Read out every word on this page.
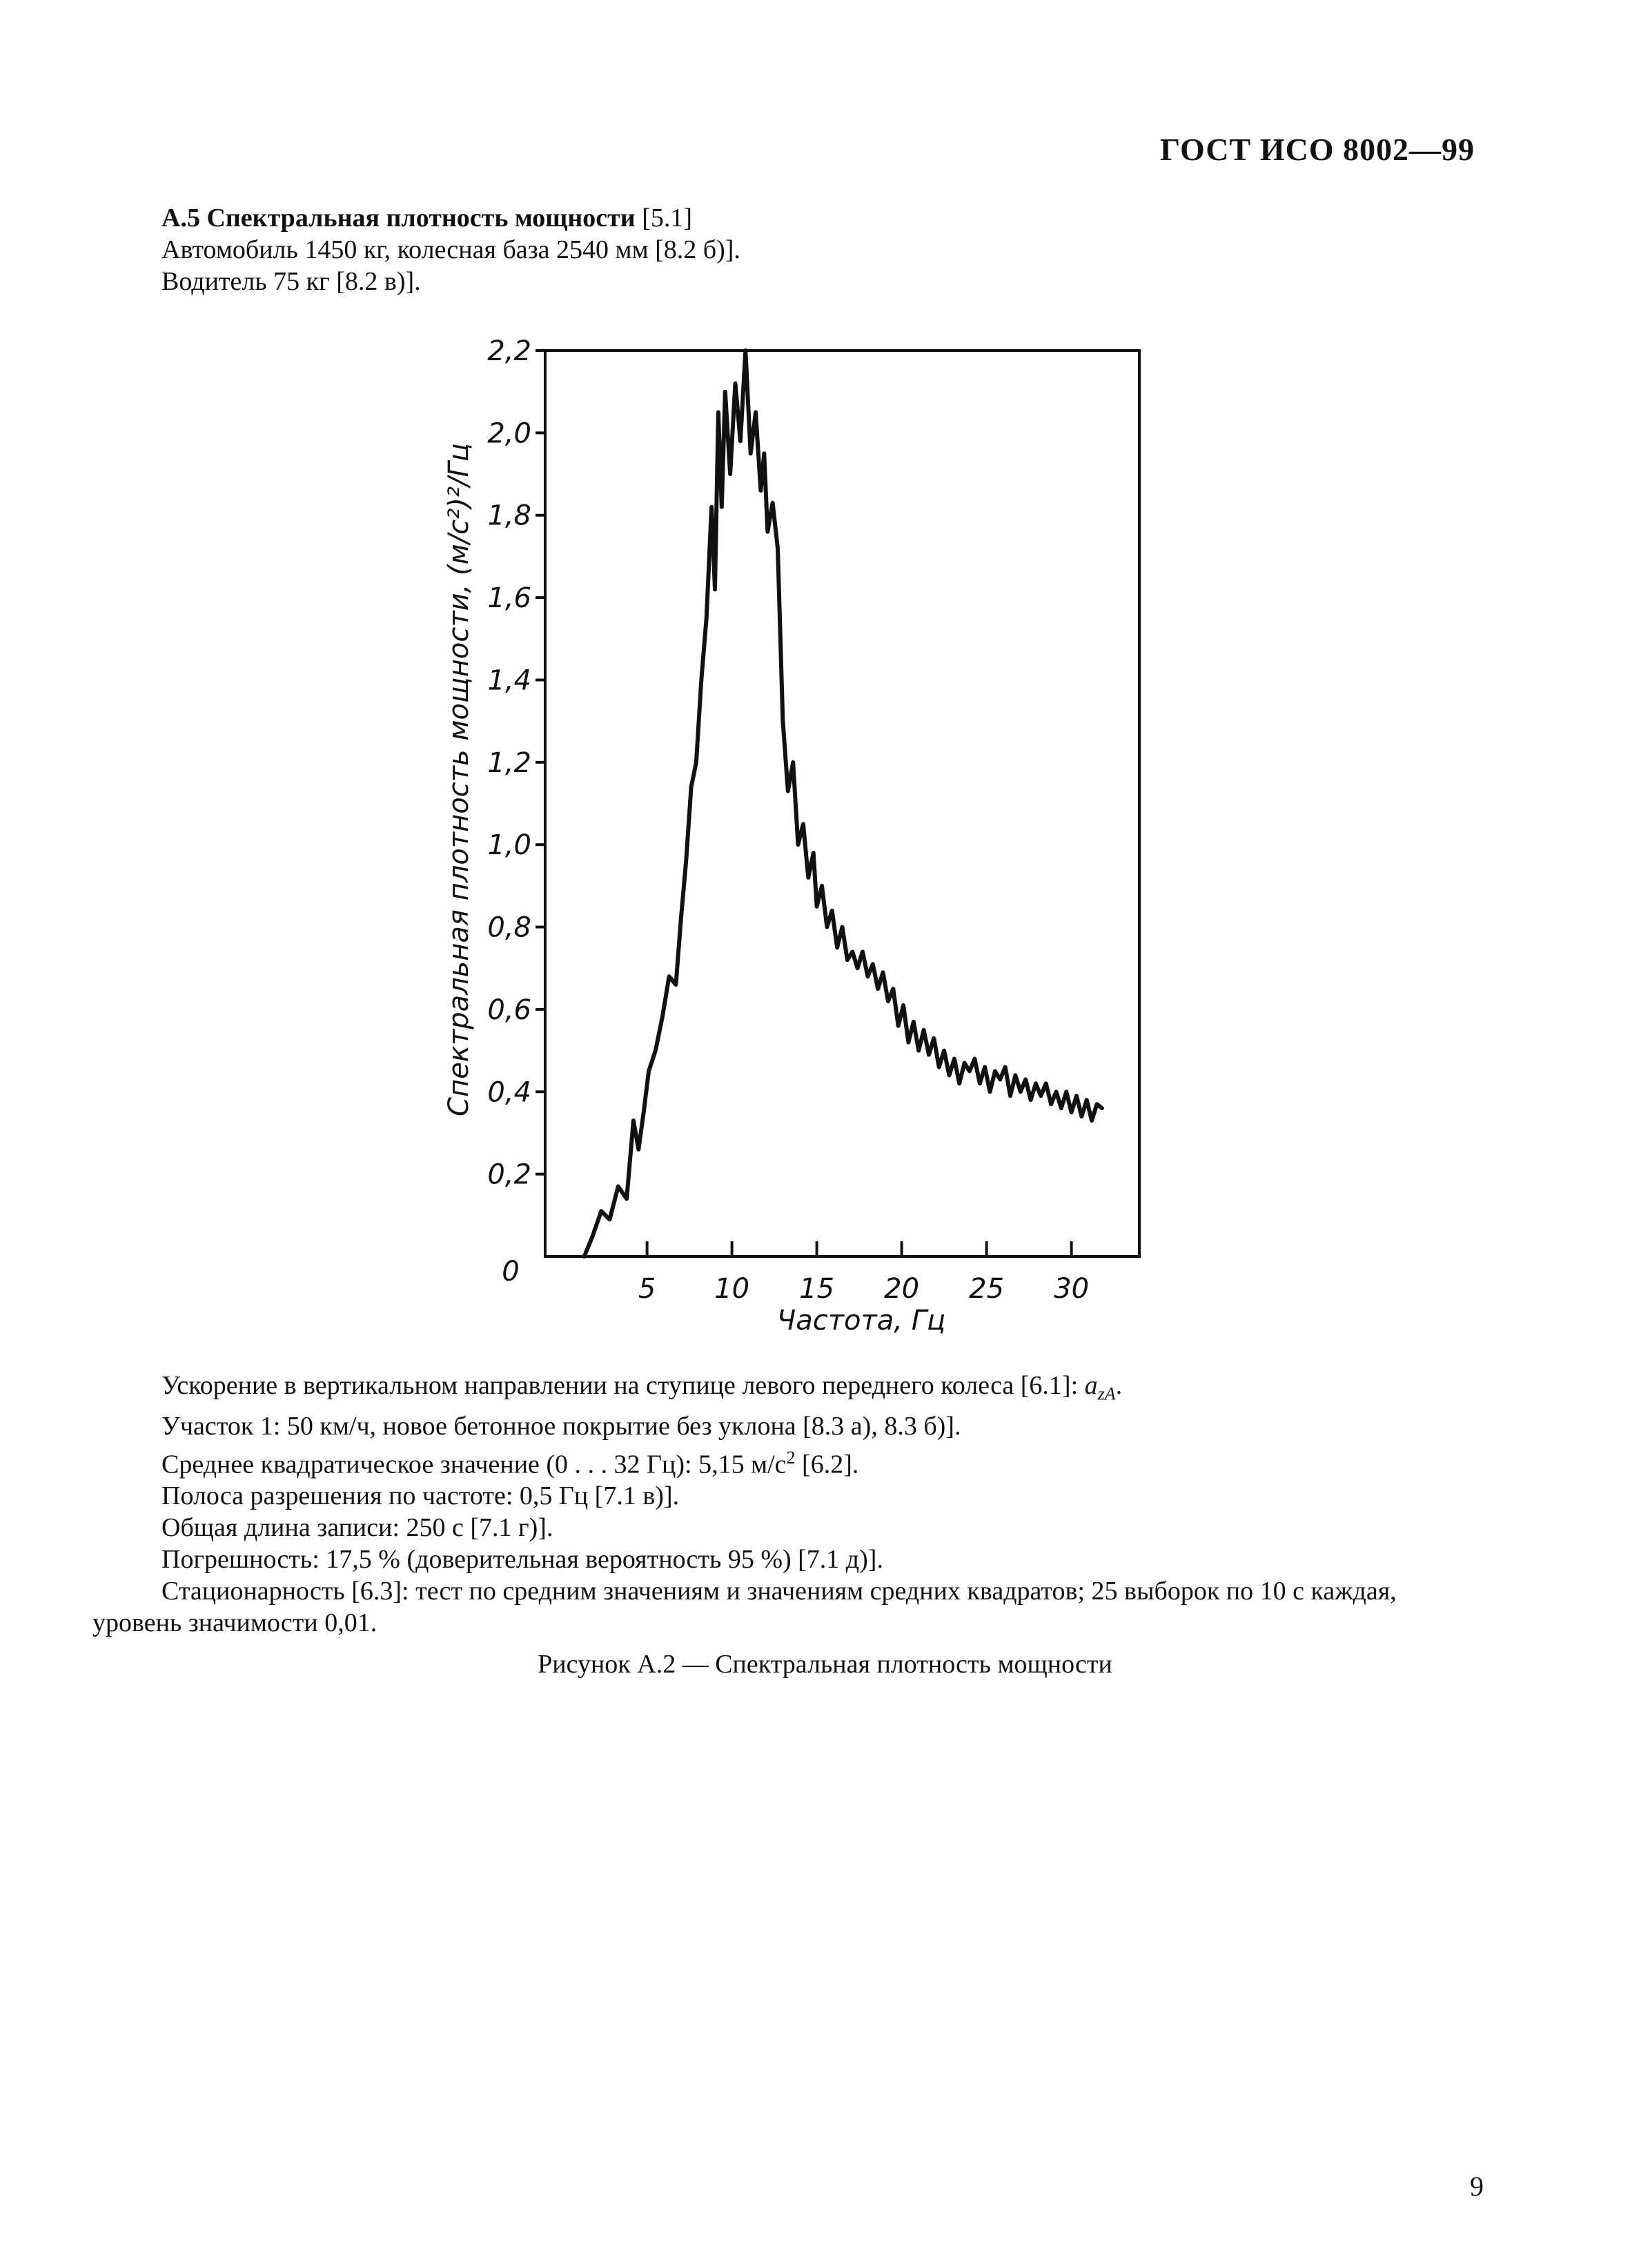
ГОСТ ИСО 8002—99
А.5 Спектральная плотность мощности [5.1]
Автомобиль 1450 кг, колесная база 2540 мм [8.2 б)].
Водитель 75 кг [8.2 в)].
0,2
0,4
0,6
0,8
1,0
1,2
1,4
1,6
1,8
2,0
2,2
5 10 15 20 25 30
0
Частота, Гц
Спектральная плотность мощности, (м/с²)²/Гц
Ускорение в вертикальном направлении на ступице левого переднего колеса [6.1]: $a_{zA}$.
Участок 1: 50 км/ч, новое бетонное покрытие без уклона [8.3 а), 8.3 б)].
Среднее квадратическое значение (0 . . . 32 Гц): 5,15 $м/с^2$ [6.2].
Полоса разрешения по частоте: 0,5 Гц [7.1 в)].
Общая длина записи: 250 с [7.1 г)].
Погрешность: 17,5 % (доверительная вероятность 95 %) [7.1 д)].
Стационарность [6.3]: тест по средним значениям и значениям средних квадратов; 25 выборок по 10 с каждая, уровень значимости 0,01.
Рисунок А.2 — Спектральная плотность мощности
9
